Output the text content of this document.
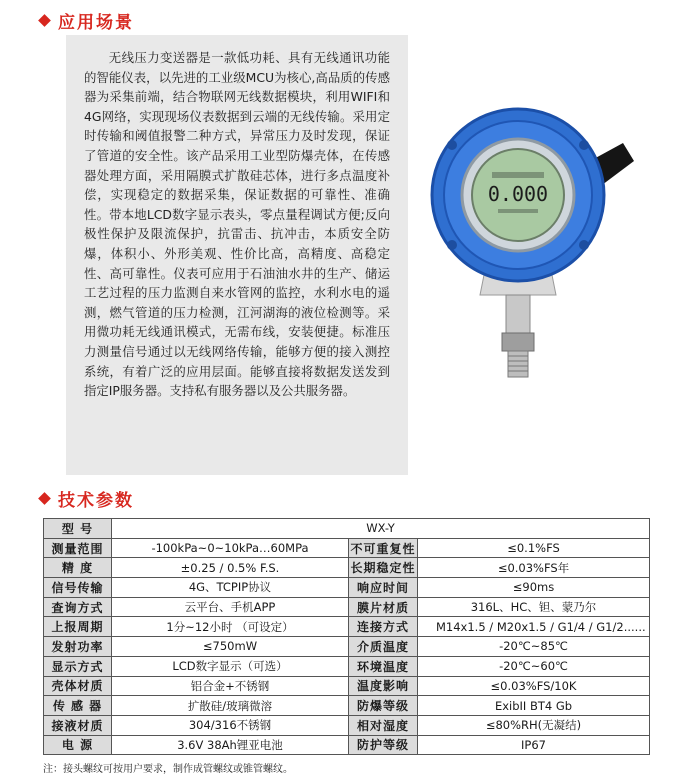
应用场景

无线压力变送器是一款低功耗、具有无线通讯功能的智能仪表，以先进的工业级MCU为核心,高品质的传感器为采集前端，结合物联网无线数据模块，利用WIFI和4G网络，实现现场仪表数据到云端的无线传输。采用定时传输和阈值报警二种方式，异常压力及时发现，保证了管道的安全性。该产品采用工业型防爆壳体，在传感器处理方面，采用隔膜式扩散硅芯体，进行多点温度补偿，实现稳定的数据采集，保证数据的可靠性、准确性。带本地LCD数字显示表头，零点量程调试方便;反向极性保护及限流保护，抗雷击、抗冲击，本质安全防爆，体积小、外形美观、性价比高，高精度、高稳定性、高可靠性。仪表可应用于石油油水井的生产、储运工艺过程的压力监测自来水管网的监控，水利水电的遥测，燃气管道的压力检测，江河湖海的液位检测等。采用微功耗无线通讯模式，无需布线，安装便捷。标准压力测量信号通过以无线网络传输，能够方便的接入测控系统，有着广泛的应用层面。能够直接将数据发送发到指定IP服务器。支持私有服务器以及公共服务器。

0.000
技术参数
型 号	WX-Y		
测量范围	-100kPa~0~10kPa…60MPa	不可重复性	≤0.1%FS
精 度	±0.25 / 0.5% F.S.	长期稳定性	≤0.03%FS年
信号传输	4G、TCPIP协议	响应时间	≤90ms
查询方式	云平台、手机APP	膜片材质	316L、HC、钽、蒙乃尔
上报周期	1分~12小时 （可设定）	连接方式	M14x1.5 / M20x1.5 / G1/4 / G1/2......
发射功率	≤750mW	介质温度	-20℃~85℃
显示方式	LCD数字显示（可选）	环境温度	-20℃~60℃
壳体材质	铝合金+不锈钢	温度影响	≤0.03%FS/10K
传 感 器	扩散硅/玻璃微溶	防爆等级	ExibII BT4 Gb
接液材质	304/316不锈钢	相对湿度	≤80%RH(无凝结)
电 源	3.6V 38Ah锂亚电池	防护等级	IP67
注：接头螺纹可按用户要求，制作成管螺纹或锥管螺纹。
